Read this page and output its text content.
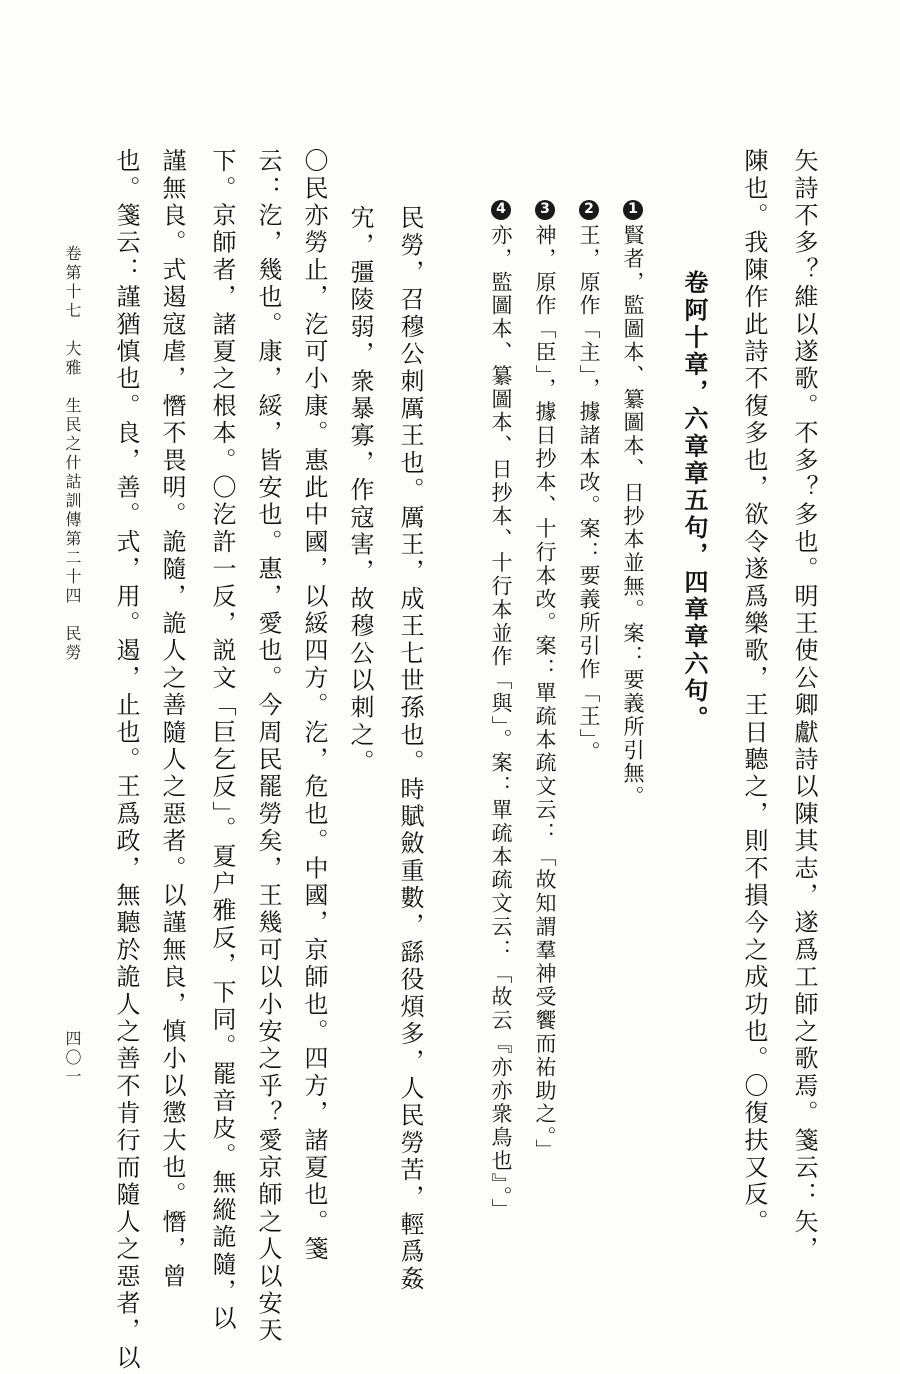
矢詩不多？維以遂歌。不多？多也。明王使公卿獻詩以陳其志，遂爲工師之歌焉。箋云：矢，
陳也。我陳作此詩不復多也，欲令遂爲樂歌，王日聽之，則不損今之成功也。〇復扶又反。
卷阿十章，六章章五句，四章章六句。
1賢者，監圖本、纂圖本、日抄本並無。案：要義所引無。
2王，原作「主」，據諸本改。案：要義所引作「王」。
3神，原作「臣」，據日抄本、十行本改。案：單疏本疏文云：「故知謂羣神受饗而祐助之。」
4亦，監圖本、纂圖本、日抄本、十行本並作「與」。案：單疏本疏文云：「故云『亦亦衆鳥也』。」
民勞，召穆公刺厲王也。厲王，成王七世孫也。時賦斂重數，繇役煩多，人民勞苦，輕爲姦
宄，彊陵弱，衆暴寡，作寇害，故穆公以刺之。
〇民亦勞止，汔可小康。惠此中國，以綏四方。汔，危也。中國，京師也。四方，諸夏也。箋
云：汔，幾也。康，綏，皆安也。惠，愛也。今周民罷勞矣，王幾可以小安之乎？愛京師之人以安天
下。京師者，諸夏之根本。〇汔許一反，説文「巨乞反」。夏户雅反，下同。罷音皮。無縱詭隨，以
謹無良。式遏寇虐，憯不畏明。詭隨，詭人之善隨人之惡者。以謹無良，慎小以懲大也。憯，曾
也。箋云：謹猶慎也。良，善。式，用。遏，止也。王爲政，無聽於詭人之善不肯行而隨人之惡者，以
卷第十七　大雅　生民之什詁訓傳第二十四　民勞
四〇一
